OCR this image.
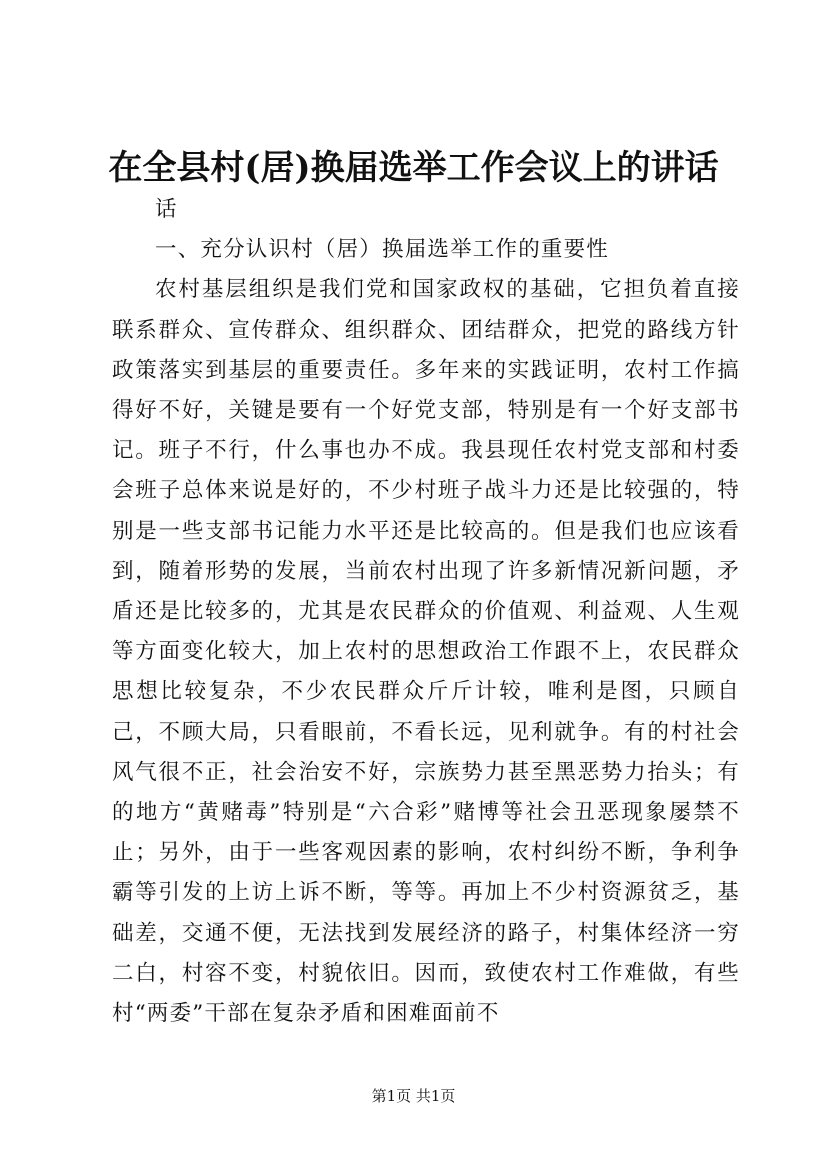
在全县村(居)换届选举工作会议上的讲话

话

一、充分认识村（居）换届选举工作的重要性

农村基层组织是我们党和国家政权的基础，它担负着直接联系群众、宣传群众、组织群众、团结群众，把党的路线方针政策落实到基层的重要责任。多年来的实践证明，农村工作搞得好不好，关键是要有一个好党支部，特别是有一个好支部书记。班子不行，什么事也办不成。我县现任农村党支部和村委会班子总体来说是好的，不少村班子战斗力还是比较强的，特别是一些支部书记能力水平还是比较高的。但是我们也应该看到，随着形势的发展，当前农村出现了许多新情况新问题，矛盾还是比较多的，尤其是农民群众的价值观、利益观、人生观等方面变化较大，加上农村的思想政治工作跟不上，农民群众思想比较复杂，不少农民群众斤斤计较，唯利是图，只顾自己，不顾大局，只看眼前，不看长远，见利就争。有的村社会风气很不正，社会治安不好，宗族势力甚至黑恶势力抬头；有的地方“黄赌毒”特别是“六合彩”赌博等社会丑恶现象屡禁不止；另外，由于一些客观因素的影响，农村纠纷不断，争利争霸等引发的上访上诉不断，等等。再加上不少村资源贫乏，基础差，交通不便，无法找到发展经济的路子，村集体经济一穷二白，村容不变，村貌依旧。因而，致使农村工作难做，有些村“两委”干部在复杂矛盾和困难面前不

第1页 共1页
